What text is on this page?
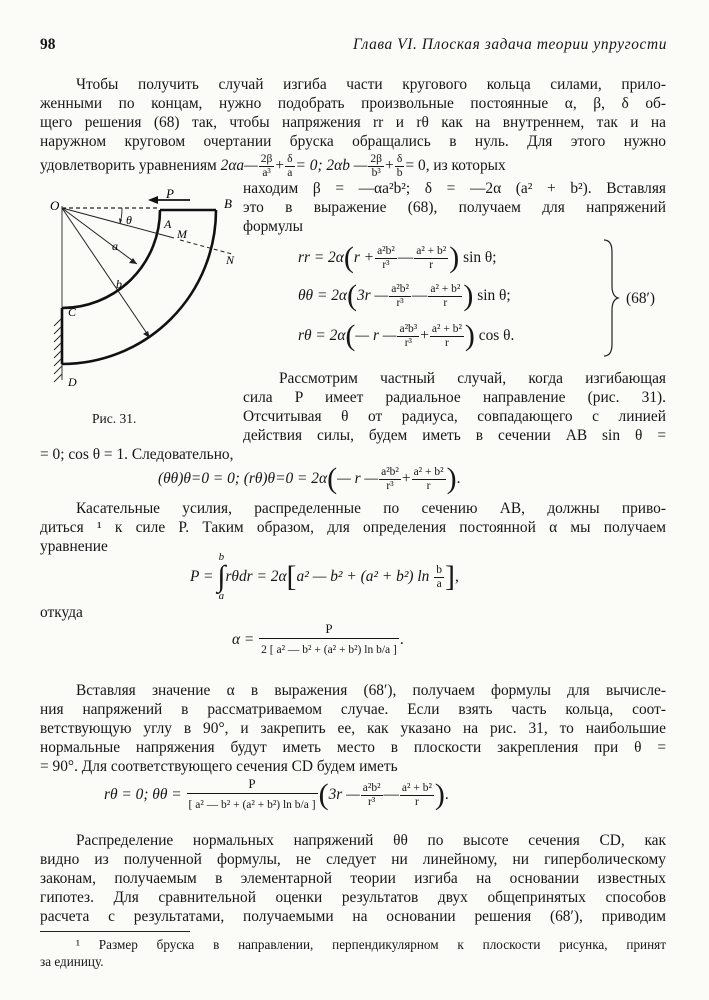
98	Глава VI. Плоская задача теории упругости
Чтобы получить случай изгиба части кругового кольца силами, прило-
женными по концам, нужно подобрать произвольные постоянные α, β, δ об-
щего решения (68) так, чтобы напряжения rr и rθ как на внутреннем, так и на
наружном круговом очертании бруска обращались в нуль. Для этого нужно
удовлетворить уравнениям
2αa— $\frac{2\beta}{\text{a³}} + \frac{\delta}{a} = 0$; 2αb — $\frac{2\beta}{\text{b³}} + \frac{\delta}{b} = 0$, из которых
находим β = —αa²b²; δ = —2α (a² + b²). Вставляя
это в выражение (68), получаем для напряжений
формулы
O	B
A
M
N
C
D
P
θ
a
b
Рис. 31.
rr = 2α ( $r + \frac{\text{a²b²}}{\text{r³}}$ — $\frac{\text{a² + b²}}{r}$ )
sin θ;
θθ = 2α ( 3r — $\frac{\text{a²b²}}{\text{r³}}$ — $\frac{\text{a² + b²}}{r}$ )
sin θ;
rθ = 2α ( — r — $\frac{\text{a²b³}}{\text{r³}} + \frac{\text{a² + b²}}{r}$ )
cos θ.
(68′)
Рассмотрим частный случай, когда изгибающая
сила P имеет радиальное направление (рис. 31).
Отсчитывая θ от радиуса, совпадающего с линией
действия силы, будем иметь в сечении AB sin θ =
= 0; cos θ = 1. Следовательно,
(θθ)θ=0 = 0; (rθ)θ=0 = 2α ( — r — $\frac{\text{a²b²}}{\text{r³}} + \frac{\text{a² + b²}}{r}$ ) .
Касательные усилия, распределенные по сечению AB, должны приво-
диться ¹ к силе P. Таким образом, для определения постоянной α мы получаем
уравнение
P =

b
∫
a
rθdr = 2α [ a² — b² + (a² + b²) ln
$\frac{b}{a}$ ] ,
откуда
α =
$\frac{P}{\text{2 [ a² — b² + (a² + b²) ln b/a ]}}$ .
Вставляя значение α в выражения (68′), получаем формулы для вычисле-
ния напряжений в рассматриваемом случае. Если взять часть кольца, соот-
ветствующую углу в 90°, и закрепить ее, как указано на рис. 31, то наибольшие
нормальные напряжения будут иметь место в плоскости закрепления при θ =
= 90°. Для соответствующего сечения CD будем иметь
rθ = 0; θθ =
$\frac{P}{\text{[ a² — b² + (a² + b²) ln b/a ]}}$ ( 3r — $\frac{\text{a²b²}}{\text{r³}}$ — $\frac{\text{a² + b²}}{r}$ ) .
Распределение нормальных напряжений θθ по высоте сечения CD, как
видно из полученной формулы, не следует ни линейному, ни гиперболическому
законам, получаемым в элементарной теории изгиба на основании известных
гипотез. Для сравнительной оценки результатов двух общепринятых способов
расчета с результатами, получаемыми на основании решения (68′), приводим
¹ Размер бруска в направлении, перпендикулярном к плоскости рисунка, принят
за единицу.
